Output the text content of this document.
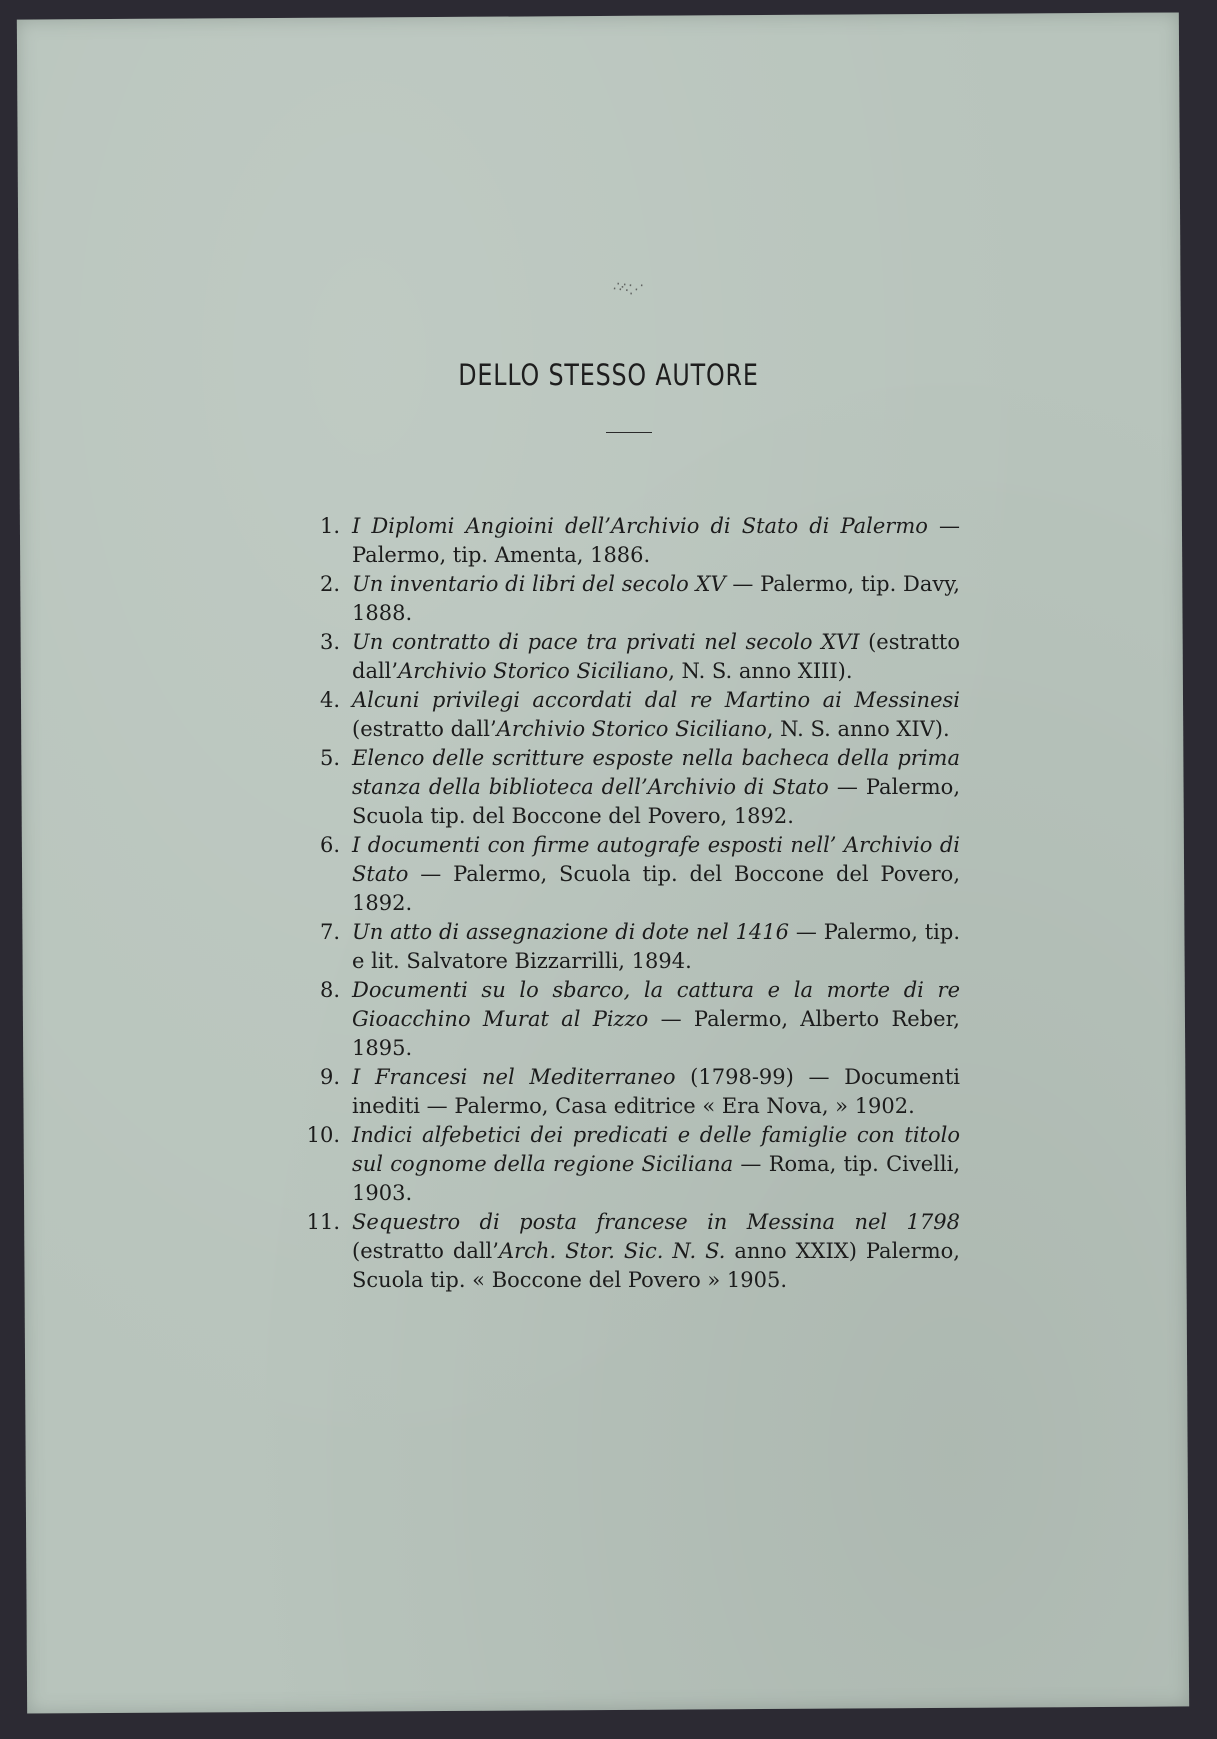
∴·∵⋰
DELLO STESSO AUTORE
1. I Diplomi Angioini dell’Archivio di Stato di Palermo — Palermo, tip. Amenta, 1886.
2. Un inventario di libri del secolo XV — Palermo, tip. Davy, 1888.
3. Un contratto di pace tra privati nel secolo XVI (estratto dall’Archivio Storico Siciliano, N. S. anno XIII).
4. Alcuni privilegi accordati dal re Martino ai Messinesi (estratto dall’Archivio Storico Siciliano, N. S. anno XIV).
5. Elenco delle scritture esposte nella bacheca della prima stanza della biblioteca dell’Archivio di Stato — Palermo, Scuola tip. del Boccone del Povero, 1892.
6. I documenti con firme autografe esposti nell’ Archivio di Stato — Palermo, Scuola tip. del Boccone del Povero, 1892.
7. Un atto di assegnazione di dote nel 1416 — Palermo, tip. e lit. Salvatore Bizzarrilli, 1894.
8. Documenti su lo sbarco, la cattura e la morte di re Gioacchino Murat al Pizzo — Palermo, Alberto Reber, 1895.
9. I Francesi nel Mediterraneo (1798-99) — Documenti inediti — Palermo, Casa editrice « Era Nova, » 1902.
10. Indici alfebetici dei predicati e delle famiglie con titolo sul cognome della regione Siciliana — Roma, tip. Civelli, 1903.
11. Sequestro di posta francese in Messina nel 1798 (estratto dall’Arch. Stor. Sic. N. S. anno XXIX) Palermo, Scuola tip. « Boccone del Povero » 1905.
